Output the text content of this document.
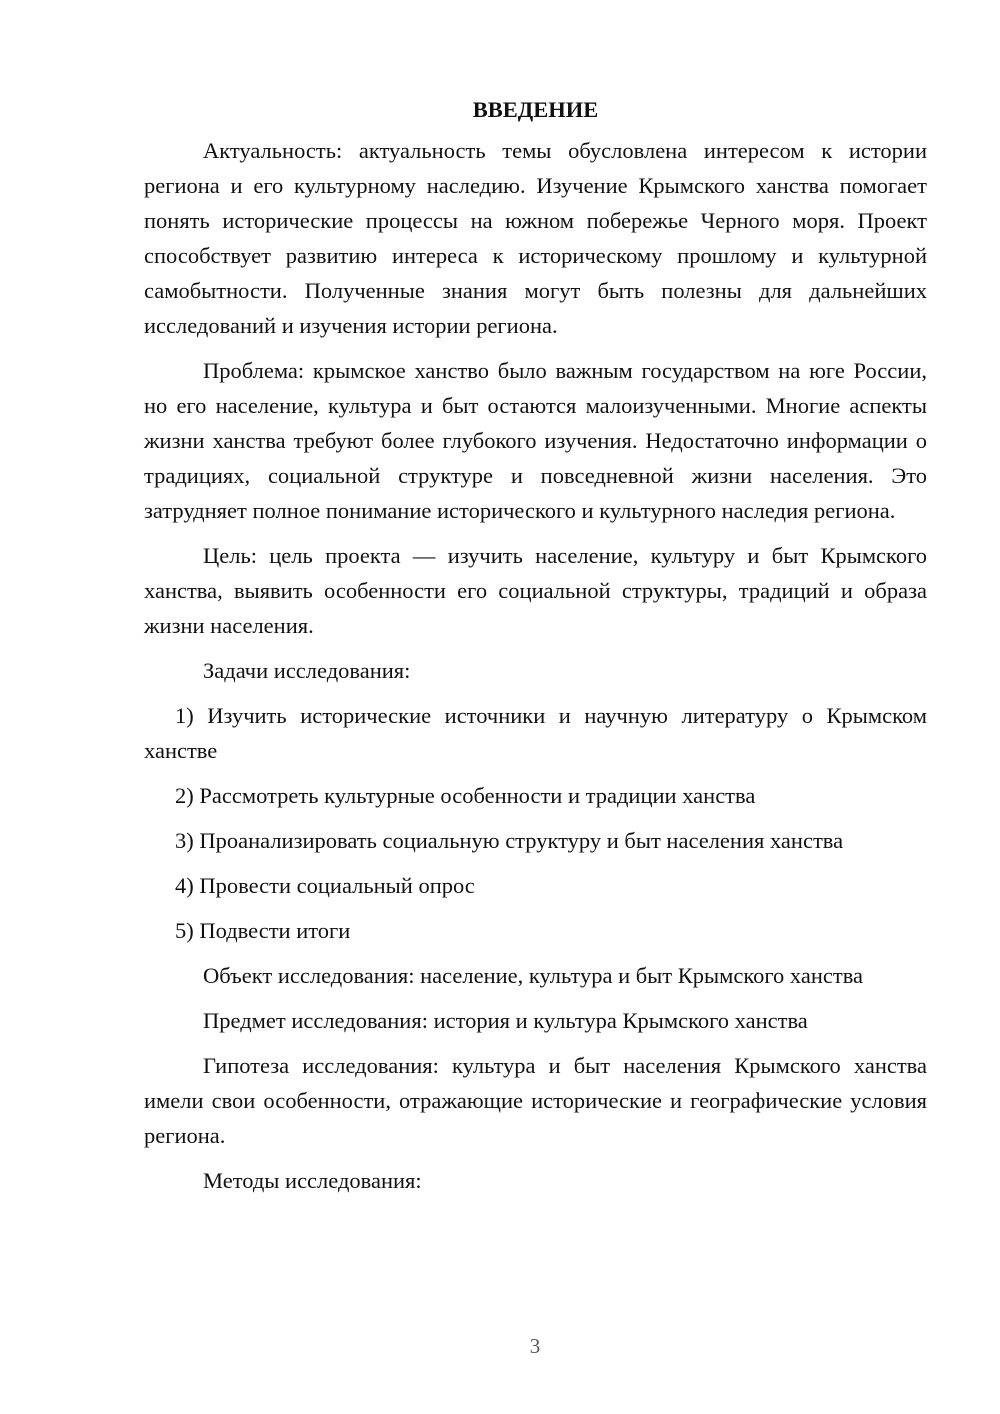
ВВЕДЕНИЕ

Актуальность: актуальность темы обусловлена интересом к истории региона и его культурному наследию. Изучение Крымского ханства помогает понять исторические процессы на южном побережье Черного моря. Проект способствует развитию интереса к историческому прошлому и культурной самобытности. Полученные знания могут быть полезны для дальнейших исследований и изучения истории региона.

Проблема: крымское ханство было важным государством на юге России, но его население, культура и быт остаются малоизученными. Многие аспекты жизни ханства требуют более глубокого изучения. Недостаточно информации о традициях, социальной структуре и повседневной жизни населения. Это затрудняет полное понимание исторического и культурного наследия региона.

Цель: цель проекта — изучить население, культуру и быт Крымского ханства, выявить особенности его социальной структуры, традиций и образа жизни населения.

Задачи исследования:

1) Изучить исторические источники и научную литературу о Крымском ханстве

2) Рассмотреть культурные особенности и традиции ханства

3) Проанализировать социальную структуру и быт населения ханства

4) Провести социальный опрос

5) Подвести итоги

Объект исследования: население, культура и быт Крымского ханства

Предмет исследования: история и культура Крымского ханства

Гипотеза исследования: культура и быт населения Крымского ханства имели свои особенности, отражающие исторические и географические условия региона.

Методы исследования:

3
